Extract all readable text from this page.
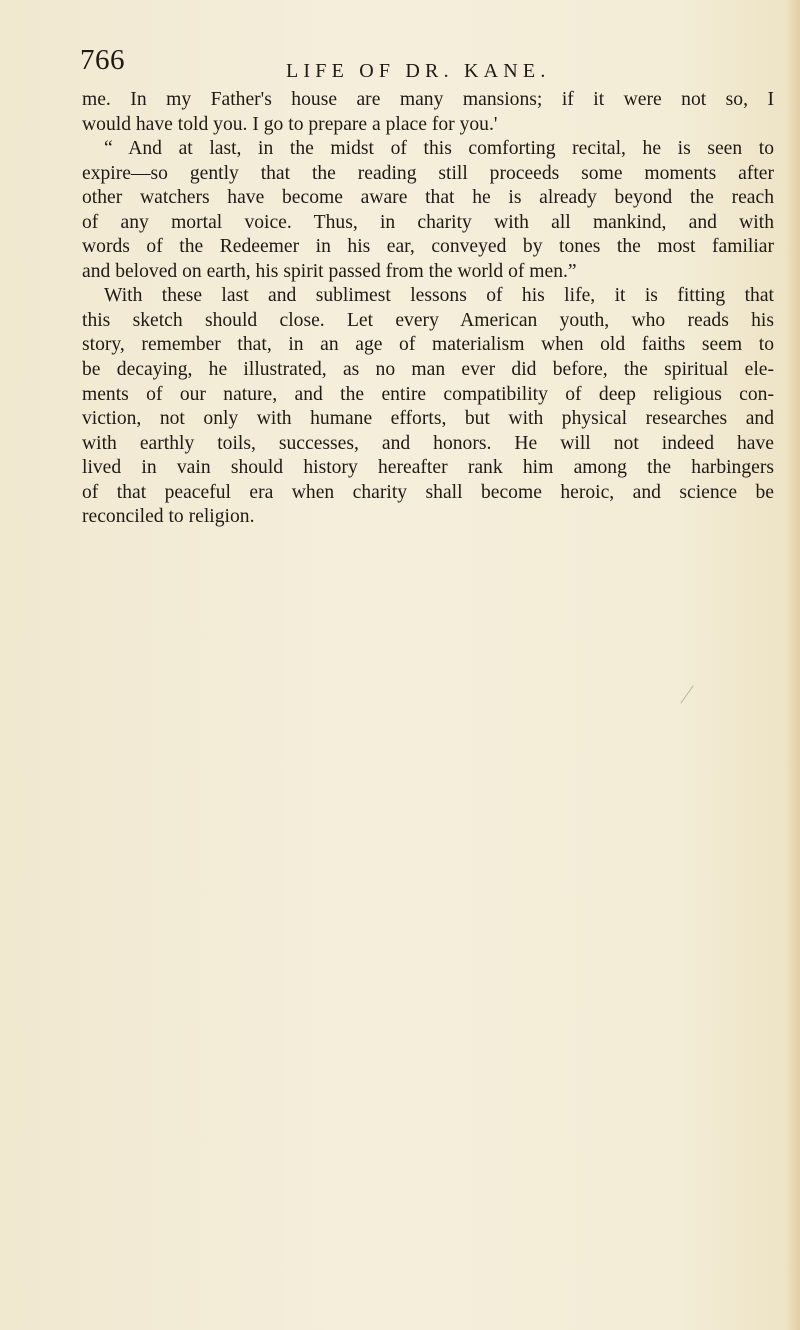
766	LIFE OF DR. KANE.
me. In my Father's house are many mansions; if it were not so, I
would have told you. I go to prepare a place for you.'
“ And at last, in the midst of this comforting recital, he is seen to
expire—so gently that the reading still proceeds some moments after
other watchers have become aware that he is already beyond the reach
of any mortal voice. Thus, in charity with all mankind, and with
words of the Redeemer in his ear, conveyed by tones the most familiar
and beloved on earth, his spirit passed from the world of men.”
With these last and sublimest lessons of his life, it is fitting that
this sketch should close. Let every American youth, who reads his
story, remember that, in an age of materialism when old faiths seem to
be decaying, he illustrated, as no man ever did before, the spiritual ele-
ments of our nature, and the entire compatibility of deep religious con-
viction, not only with humane efforts, but with physical researches and
with earthly toils, successes, and honors. He will not indeed have
lived in vain should history hereafter rank him among the harbingers
of that peaceful era when charity shall become heroic, and science be
reconciled to religion.
